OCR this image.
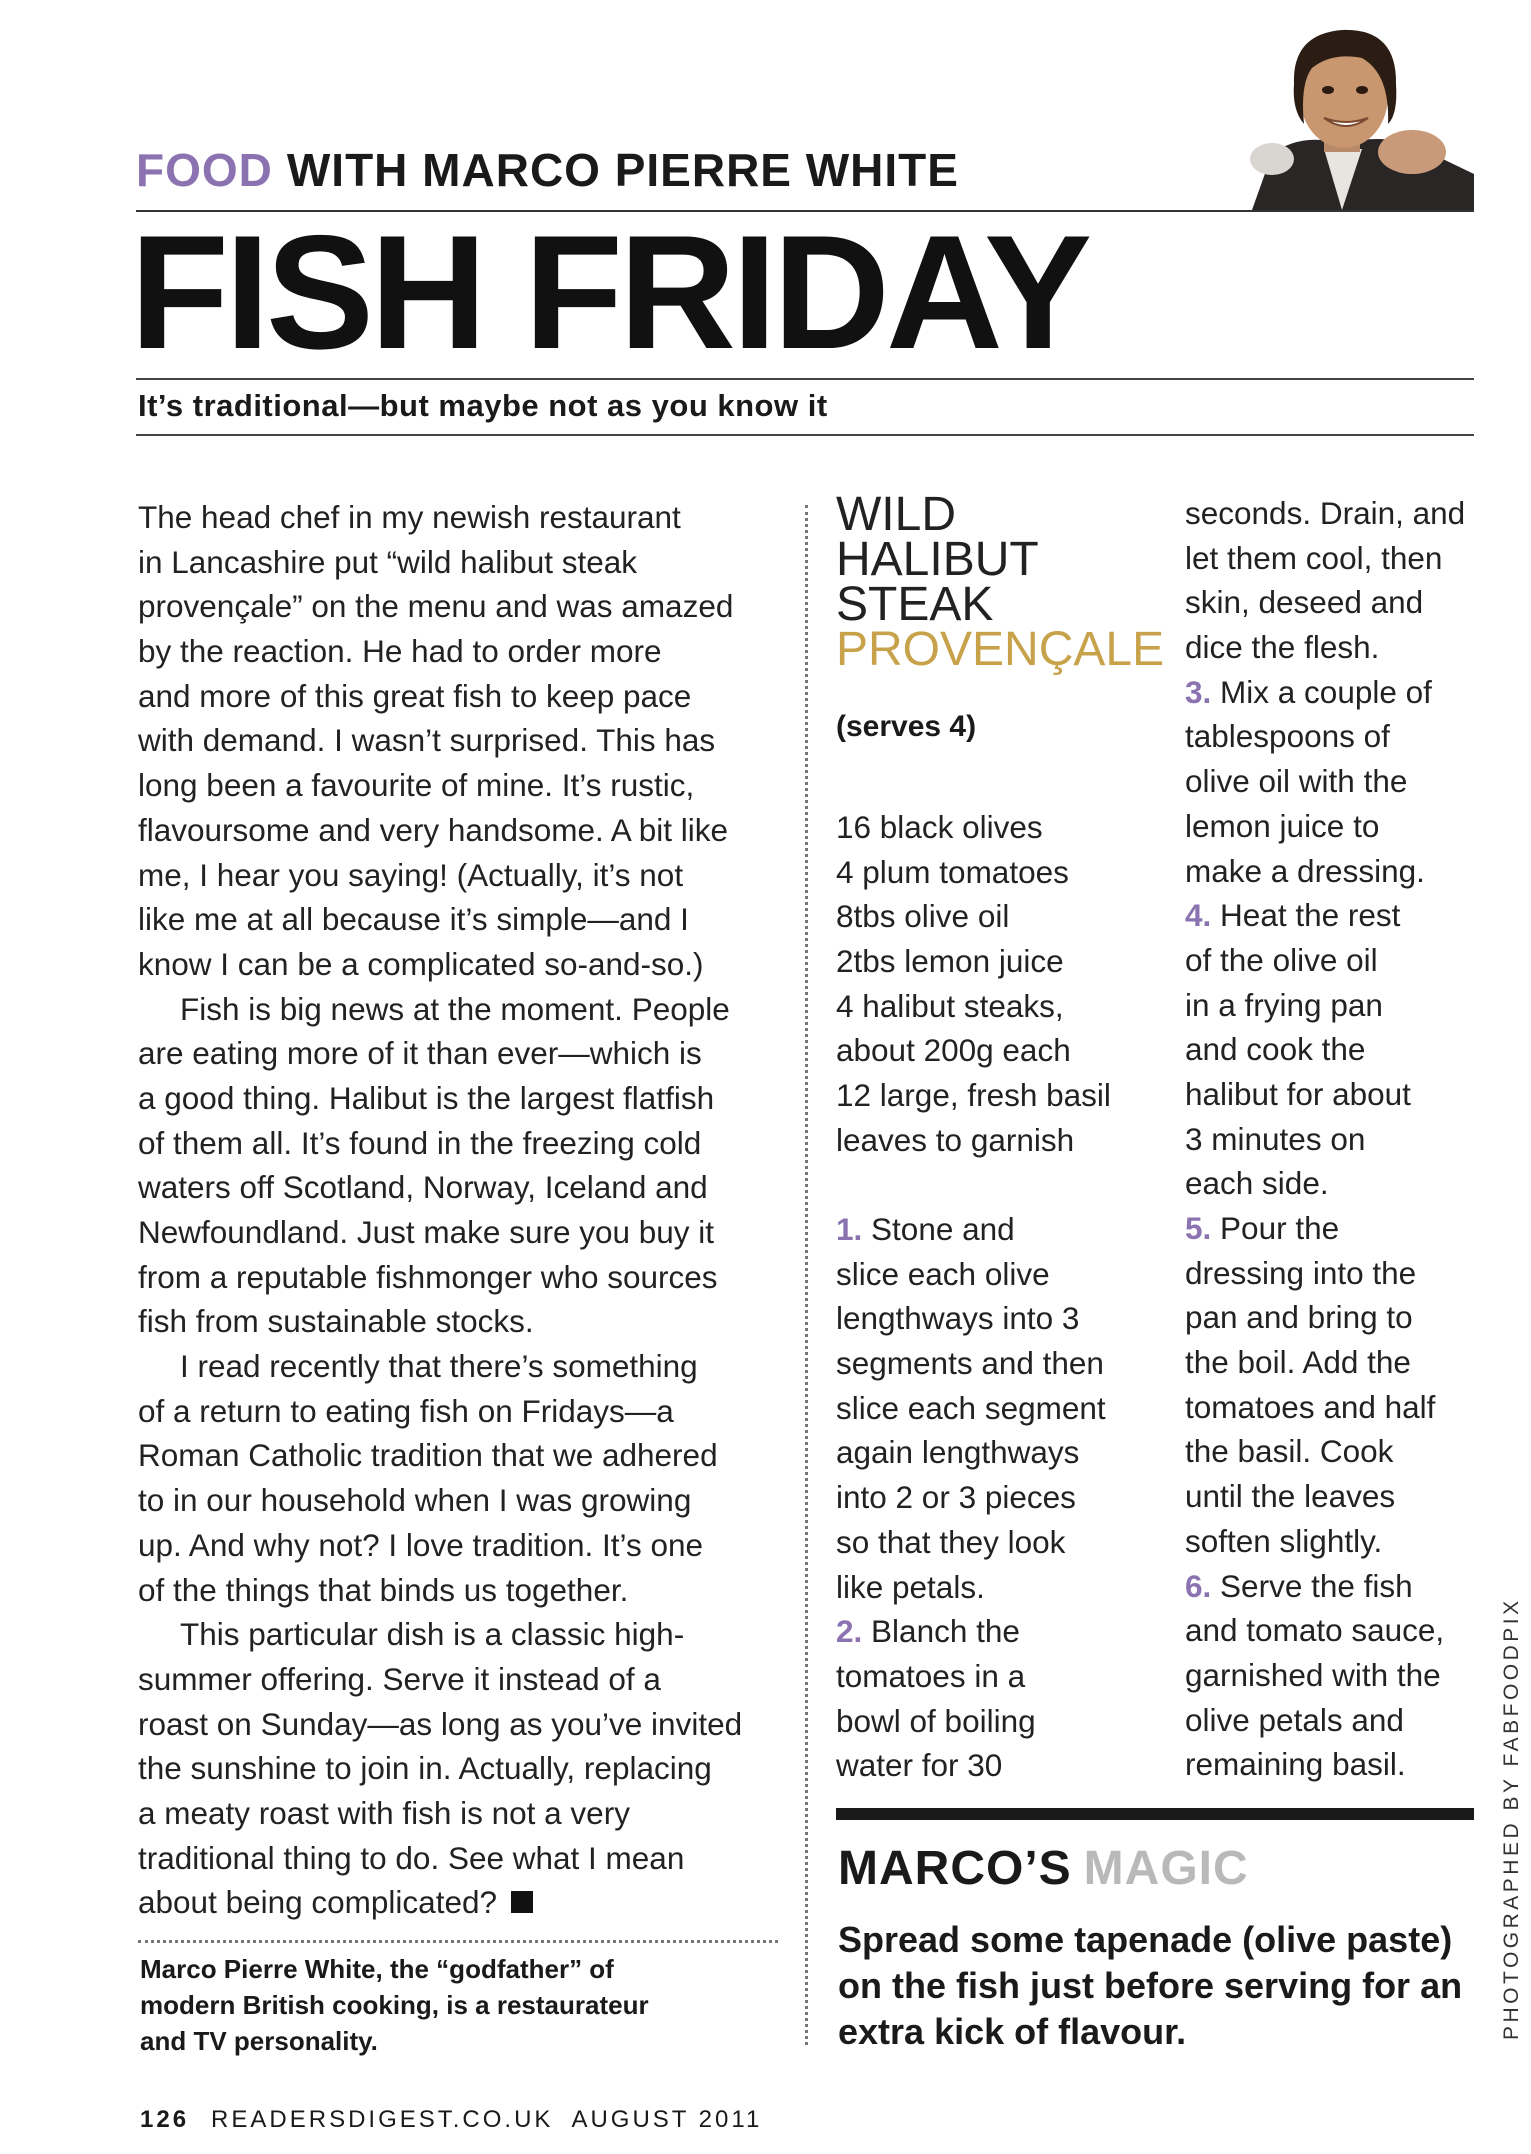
FOOD WITH MARCO PIERRE WHITE
FISH FRIDAY
It’s traditional—but maybe not as you know it
The head chef in my newish restaurant
in Lancashire put “wild halibut steak
provençale” on the menu and was amazed
by the reaction. He had to order more
and more of this great fish to keep pace
with demand. I wasn’t surprised. This has
long been a favourite of mine. It’s rustic,
flavoursome and very handsome. A bit like
me, I hear you saying! (Actually, it’s not
like me at all because it’s simple—and I
know I can be a complicated so-and-so.)
Fish is big news at the moment. People
are eating more of it than ever—which is
a good thing. Halibut is the largest flatfish
of them all. It’s found in the freezing cold
waters off Scotland, Norway, Iceland and
Newfoundland. Just make sure you buy it
from a reputable fishmonger who sources
fish from sustainable stocks.
I read recently that there’s something
of a return to eating fish on Fridays—a
Roman Catholic tradition that we adhered
to in our household when I was growing
up. And why not? I love tradition. It’s one
of the things that binds us together.
This particular dish is a classic high-
summer offering. Serve it instead of a
roast on Sunday—as long as you’ve invited
the sunshine to join in. Actually, replacing
a meaty roast with fish is not a very
traditional thing to do. See what I mean
about being complicated?
Marco Pierre White, the “godfather” of
modern British cooking, is a restaurateur
and TV personality.
WILD
HALIBUT
STEAK
PROVENÇALE
(serves 4)
16 black olives
4 plum tomatoes
8tbs olive oil
2tbs lemon juice
4 halibut steaks,
about 200g each
12 large, fresh basil
leaves to garnish
1. Stone and
slice each olive
lengthways into 3
segments and then
slice each segment
again lengthways
into 2 or 3 pieces
so that they look
like petals.
2. Blanch the
tomatoes in a
bowl of boiling
water for 30
seconds. Drain, and
let them cool, then
skin, deseed and
dice the flesh.
3. Mix a couple of
tablespoons of
olive oil with the
lemon juice to
make a dressing.
4. Heat the rest
of the olive oil
in a frying pan
and cook the
halibut for about
3 minutes on
each side.
5. Pour the
dressing into the
pan and bring to
the boil. Add the
tomatoes and half
the basil. Cook
until the leaves
soften slightly.
6. Serve the fish
and tomato sauce,
garnished with the
olive petals and
remaining basil.
MARCO’S MAGIC
Spread some tapenade (olive paste)
on the fish just before serving for an
extra kick of flavour.	PHOTOGRAPHED BY FABFOODPIX
126 READERSDIGEST.CO.UK AUGUST 2011
